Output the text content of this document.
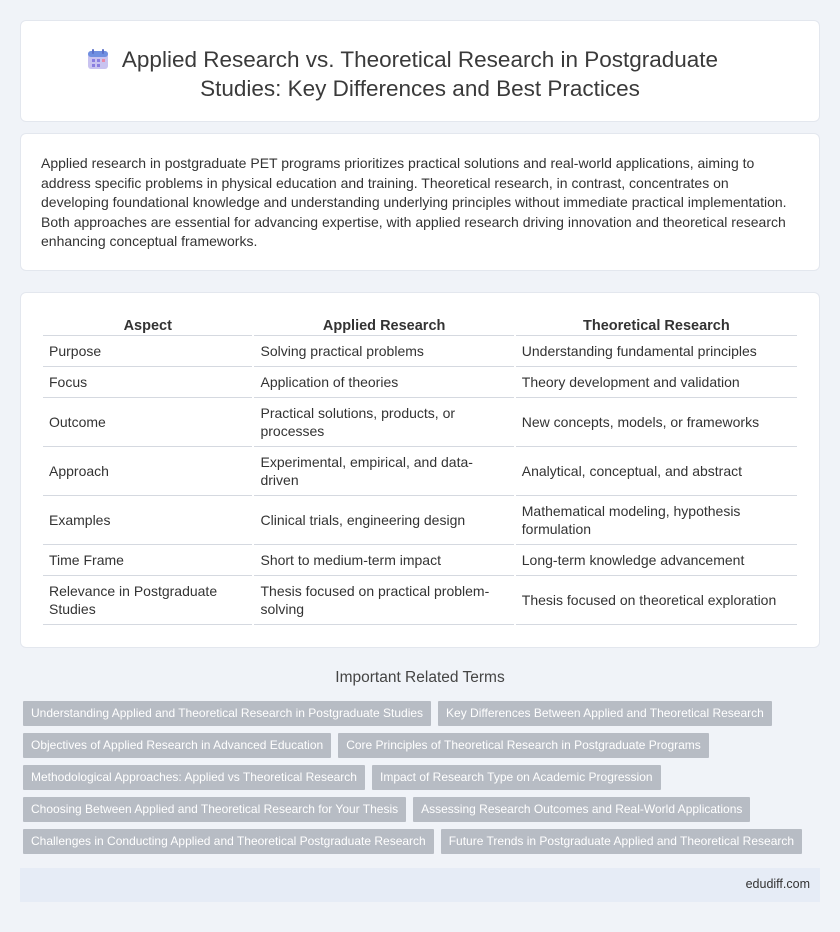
Applied Research vs. Theoretical Research in Postgraduate
Studies: Key Differences and Best Practices

Applied research in postgraduate PET programs prioritizes practical solutions and real-world applications, aiming to address specific problems in physical education and training. Theoretical research, in contrast, concentrates on developing foundational knowledge and understanding underlying principles without immediate practical implementation. Both approaches are essential for advancing expertise, with applied research driving innovation and theoretical research enhancing conceptual frameworks.

Aspect	Applied Research	Theoretical Research
Purpose	Solving practical problems	Understanding fundamental principles
Focus	Application of theories	Theory development and validation
Outcome	Practical solutions, products, or processes	New concepts, models, or frameworks
Approach	Experimental, empirical, and data-driven	Analytical, conceptual, and abstract
Examples	Clinical trials, engineering design	Mathematical modeling, hypothesis formulation
Time Frame	Short to medium-term impact	Long-term knowledge advancement
Relevance in Postgraduate Studies	Thesis focused on practical problem-solving	Thesis focused on theoretical exploration
Important Related Terms
Understanding Applied and Theoretical Research in Postgraduate Studies	Key Differences Between Applied and Theoretical Research
Objectives of Applied Research in Advanced Education	Core Principles of Theoretical Research in Postgraduate Programs
Methodological Approaches: Applied vs Theoretical Research	Impact of Research Type on Academic Progression
Choosing Between Applied and Theoretical Research for Your Thesis	Assessing Research Outcomes and Real-World Applications
Challenges in Conducting Applied and Theoretical Postgraduate Research	Future Trends in Postgraduate Applied and Theoretical Research
edudiff.com
